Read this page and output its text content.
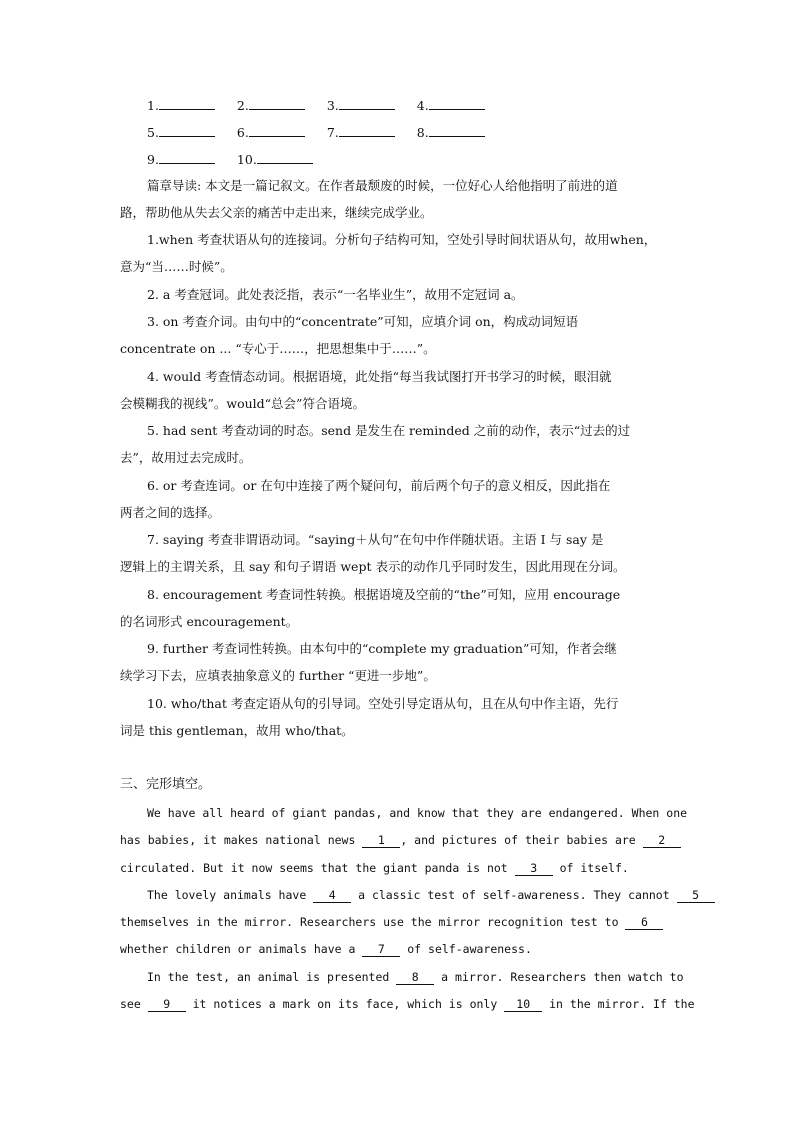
1.	2.	3.	4.
5.	6.	7.	8.
9.	10.
篇章导读: 本文是一篇记叙文。在作者最颓废的时候，一位好心人给他指明了前进的道
路，帮助他从失去父亲的痛苦中走出来，继续完成学业。
1.when 考查状语从句的连接词。分析句子结构可知，空处引导时间状语从句，故用when，
意为“当……时候”。
2. a 考查冠词。此处表泛指，表示“一名毕业生”，故用不定冠词 a。
3. on 考查介词。由句中的“concentrate”可知，应填介词 on，构成动词短语
concentrate on ... “专心于……，把思想集中于……”。
4. would 考查情态动词。根据语境，此处指“每当我试图打开书学习的时候，眼泪就
会模糊我的视线”。would“总会”符合语境。
5. had sent 考查动词的时态。send 是发生在 reminded 之前的动作，表示“过去的过
去”，故用过去完成时。
6. or 考查连词。or 在句中连接了两个疑问句，前后两个句子的意义相反，因此指在
两者之间的选择。
7. saying 考查非谓语动词。“saying＋从句”在句中作伴随状语。主语 I 与 say 是
逻辑上的主谓关系，且 say 和句子谓语 wept 表示的动作几乎同时发生，因此用现在分词。
8. encouragement 考查词性转换。根据语境及空前的“the”可知，应用 encourage
的名词形式 encouragement。
9. further 考查词性转换。由本句中的“complete my graduation”可知，作者会继
续学习下去，应填表抽象意义的 further “更进一步地”。
10. who/that 考查定语从句的引导词。空处引导定语从句，且在从句中作主语，先行
词是 this gentleman，故用 who/that。
三、完形填空。
We have all heard of giant pandas, and know that they are endangered. When one
has babies, it makes national news 1 , and pictures of their babies are 2
circulated. But it now seems that the giant panda is not 3 of itself.
The lovely animals have 4 a classic test of self-awareness. They cannot 5
themselves in the mirror. Researchers use the mirror recognition test to 6
whether children or animals have a 7 of self-awareness.
In the test, an animal is presented 8 a mirror. Researchers then watch to
see 9 it notices a mark on its face, which is only 10 in the mirror. If the
